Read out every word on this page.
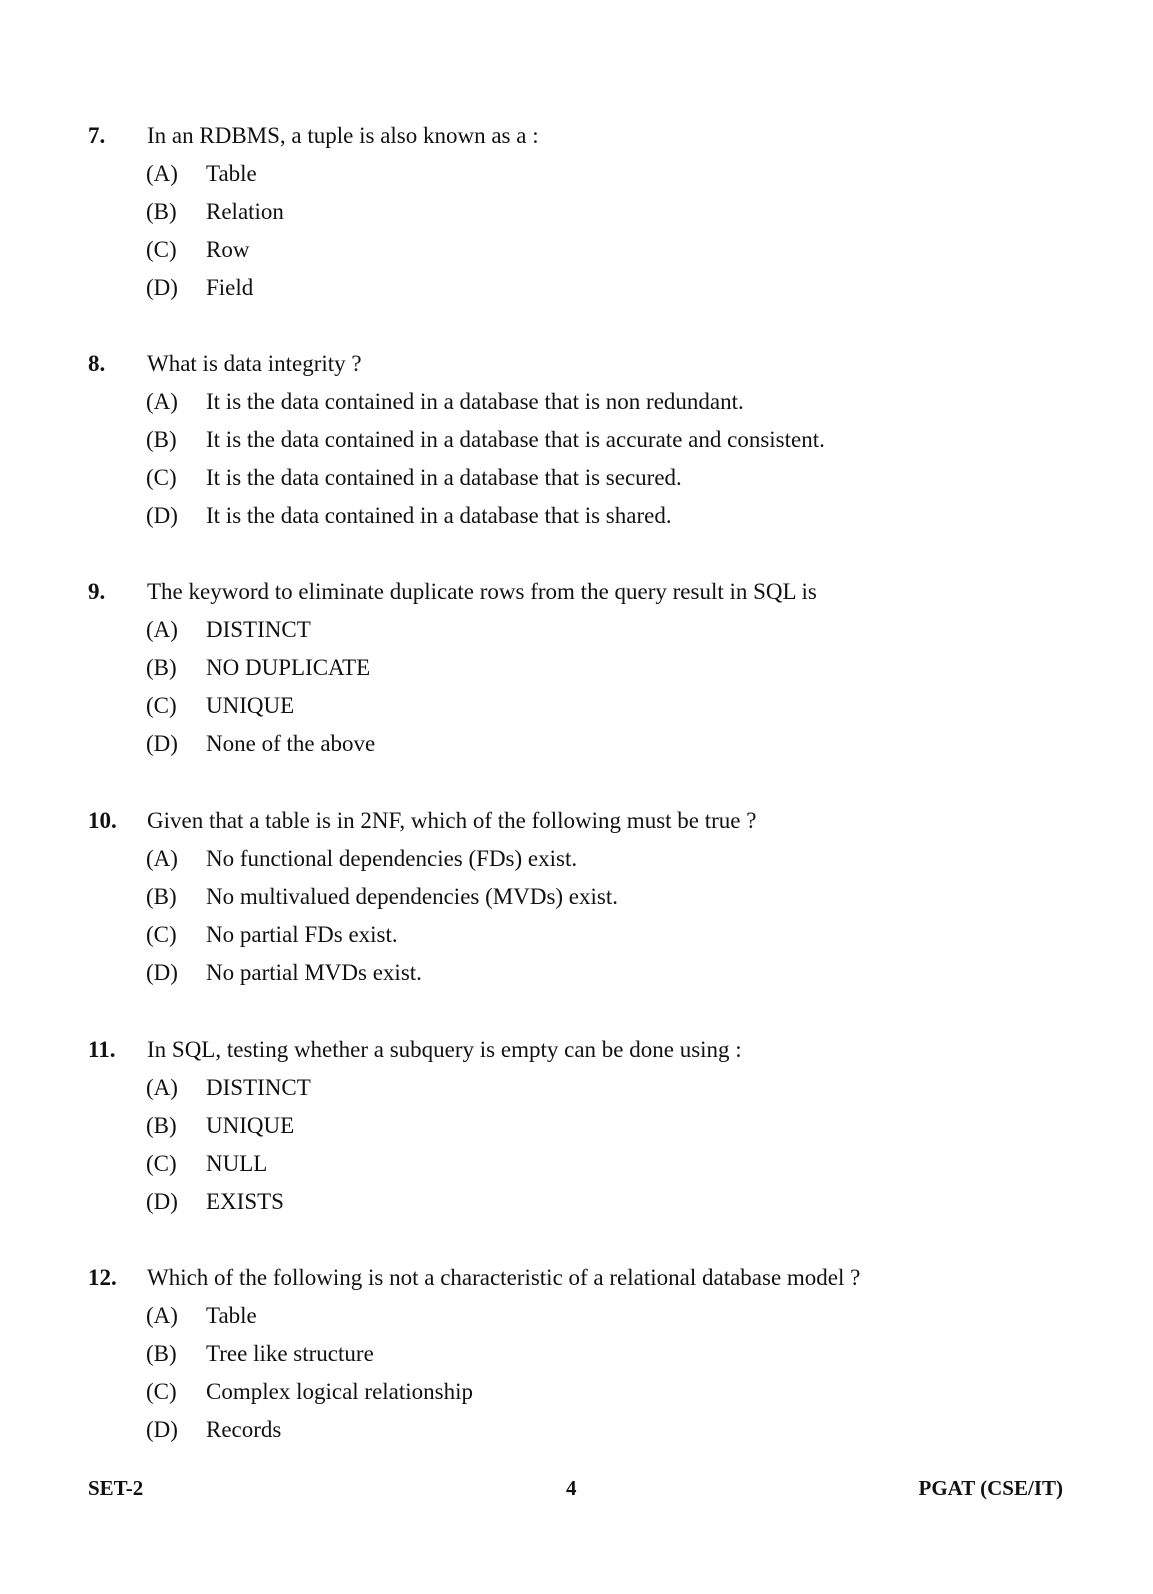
7. In an RDBMS, a tuple is also known as a :
(A) Table
(B) Relation
(C) Row
(D) Field
8. What is data integrity ?
(A) It is the data contained in a database that is non redundant.
(B) It is the data contained in a database that is accurate and consistent.
(C) It is the data contained in a database that is secured.
(D) It is the data contained in a database that is shared.
9. The keyword to eliminate duplicate rows from the query result in SQL is
(A) DISTINCT
(B) NO DUPLICATE
(C) UNIQUE
(D) None of the above
10. Given that a table is in 2NF, which of the following must be true ?
(A) No functional dependencies (FDs) exist.
(B) No multivalued dependencies (MVDs) exist.
(C) No partial FDs exist.
(D) No partial MVDs exist.
11. In SQL, testing whether a subquery is empty can be done using :
(A) DISTINCT
(B) UNIQUE
(C) NULL
(D) EXISTS
12. Which of the following is not a characteristic of a relational database model ?
(A) Table
(B) Tree like structure
(C) Complex logical relationship
(D) Records
SET-2	4	PGAT (CSE/IT)
